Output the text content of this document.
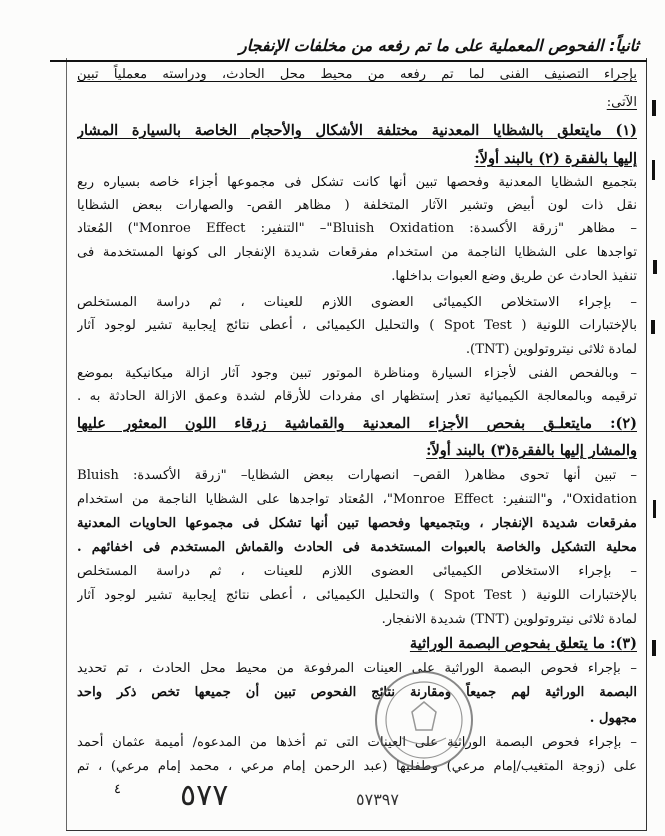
ثانياً: الفحوص المعملية على ما تم رفعه من مخلفات الإنفجار
بإجراء التصنيف الفنى لما تم رفعه من محيط محل الحادث، ودراسته معملياً تبين
الآتى:
(١) مايتعلق بالشظايا المعدنية مختلفة الأشكال والأحجام الخاصة بالسيارة المشار
إليها بالفقرة (٢) بالبند أولاً:
بتجميع الشظايا المعدنية وفحصها تبين أنها كانت تشكل فى مجموعها أجزاء خاصه بسياره ربع
نقل ذات لون أبيض وتشير الآثار المتخلفة ( مظاهر القص- والصهارات ببعض الشظايا
– مظاهر "زرقة الأكسدة: Bluish Oxidation"– "التنفير: Monroe Effect") المُعتاد
تواجدها على الشظايا الناجمة من استخدام مفرقعات شديدة الإنفجار الى كونها المستخدمة فى
تنفيذ الحادث عن طريق وضع العبوات بداخلها.
– بإجراء الاستخلاص الكيميائى العضوى اللازم للعينات ، ثم دراسة المستخلص
بالإختبارات اللونية ( Spot Test ) والتحليل الكيميائى ، أعطى نتائج إيجابية تشير لوجود آثار
لمادة ثلاثى نيتروتولوين (TNT).
– وبالفحص الفنى لأجزاء السيارة ومناظرة الموتور تبين وجود آثار ازالة ميكانيكية بموضع
ترقيمه وبالمعالجة الكيميائية تعذر إستظهار اى مفردات للأرقام لشدة وعمق الازالة الحادثة به .
(٢): مايتعلـق بفحص الأجزاء المعدنية والقماشية زرقاء اللون المعثور عليها
والمشار إليها بالفقرة(٣) بالبند أولاً:
– تبين أنها تحوى مظاهر( القص– انصهارات ببعض الشظايا– "زرقة الأكسدة: Bluish
Oxidation"، و"التنفير: Monroe Effect"، المُعتاد تواجدها على الشظايا الناجمة من استخدام
مفرقعات شديدة الإنفجار ، وبتجميعها وفحصها تبين أنها تشكل فى مجموعها الحاويات المعدنية
محلية التشكيل والخاصة بالعبوات المستخدمة فى الحادث والقماش المستخدم فى اخفائهم .
– بإجراء الاستخلاص الكيميائى العضوى اللازم للعينات ، ثم دراسة المستخلص
بالإختبارات اللونية ( Spot Test ) والتحليل الكيميائى ، أعطى نتائج إيجابية تشير لوجود آثار
لمادة ثلاثى نيتروتولوين (TNT) شديدة الانفجار.
(٣): ما يتعلق بفحوص البصمة الوراثية
– بإجراء فحوص البصمة الوراثية على العينات المرفوعة من محيط محل الحادث ، تم تحديد
البصمة الوراثية لهم جميعاً ومقارنة نتائج الفحوص تبين أن جميعها تخص ذكر واحد
مجهول .
– بإجراء فحوص البصمة الوراثية على العينات التى تم أخذها من المدعوه/ أميمة عثمان أحمد
على (زوجة المتغيب/إمام مرعي) وطفليها (عبد الرحمن إمام مرعي ، محمد إمام مرعي) ، تم
٤ ٥٧٧	٥٧٣٩٧
